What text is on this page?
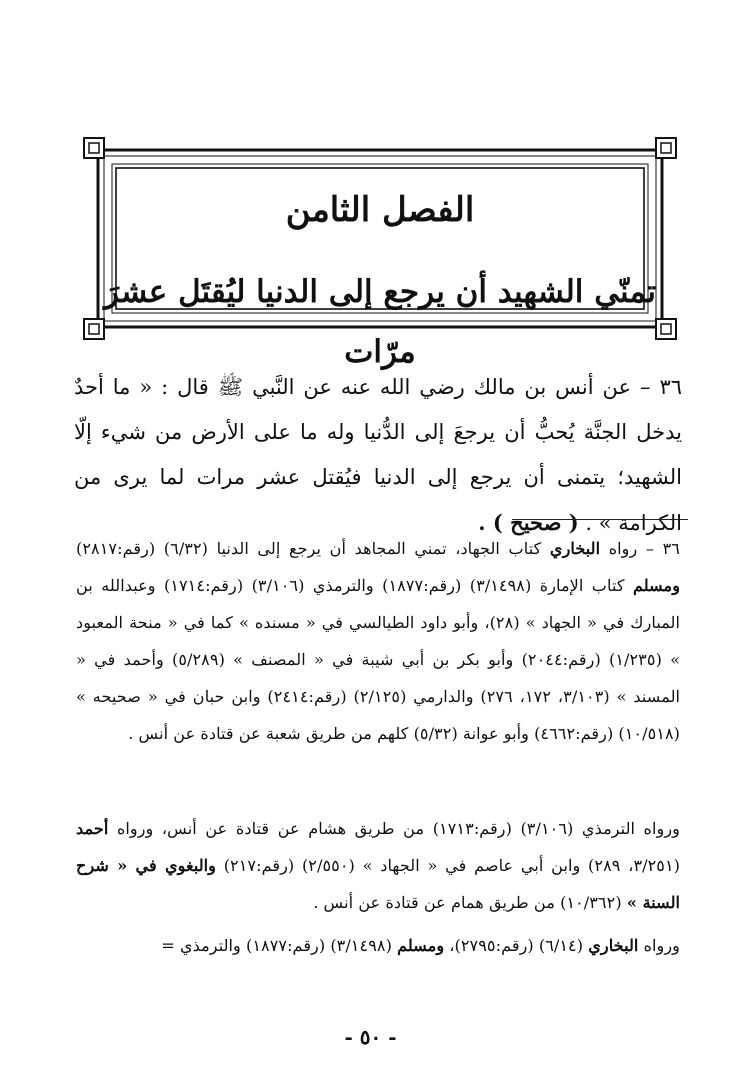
الفصل الثامن
تمنّي الشهيد أن يرجع إلى الدنيا ليُقتَل عشرَ مرّات
٣٦ – عن أنس بن مالك رضي الله عنه عن النَّبي ﷺ قال : « ما أحدٌ يدخل الجنَّة يُحبُّ أن يرجعَ إلى الدُّنيا وله ما على الأرض من شيء إلّا الشهيد؛ يتمنى أن يرجع إلى الدنيا فيُقتل عشر مرات لما يرى من الكرامة » . ( صحيح ) .
٣٦ – رواه البخاري كتاب الجهاد، تمني المجاهد أن يرجع إلى الدنيا (٦/٣٢) (رقم:٢٨١٧) ومسلم كتاب الإمارة (٣/١٤٩٨) (رقم:١٨٧٧) والترمذي (٣/١٠٦) (رقم:١٧١٤) وعبدالله بن المبارك في « الجهاد » (٢٨)، وأبو داود الطيالسي في « مسنده » كما في « منحة المعبود » (١/٢٣٥) (رقم:٢٠٤٤) وأبو بكر بن أبي شيبة في « المصنف » (٥/٢٨٩) وأحمد في « المسند » (٣/١٠٣، ١٧٢، ٢٧٦) والدارمي (٢/١٢٥) (رقم:٢٤١٤) وابن حبان في « صحيحه » (١٠/٥١٨) (رقم:٤٦٦٢) وأبو عوانة (٥/٣٢) كلهم من طريق شعبة عن قتادة عن أنس .
ورواه الترمذي (٣/١٠٦) (رقم:١٧١٣) من طريق هشام عن قتادة عن أنس، ورواه أحمد (٣/٢٥١، ٢٨٩) وابن أبي عاصم في « الجهاد » (٢/٥٥٠) (رقم:٢١٧) والبغوي في « شرح السنة » (١٠/٣٦٢) من طريق همام عن قتادة عن أنس .
ورواه البخاري (٦/١٤) (رقم:٢٧٩٥)، ومسلم (٣/١٤٩٨) (رقم:١٨٧٧) والترمذي =
- ٥٠ -
